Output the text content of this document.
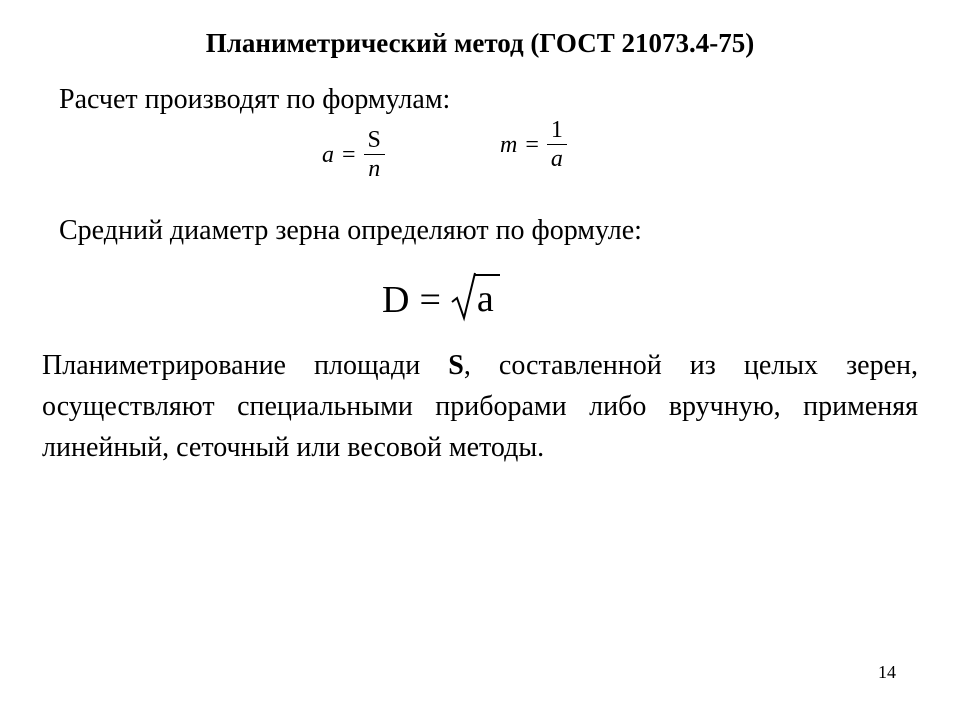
Планиметрический метод (ГОСТ 21073.4-75)
Расчет производят по формулам:
$a = \frac{S}{n}$	$m = \frac{1}{a}$
Средний диаметр зерна определяют по формуле:
D = a
Планиметрирование площади S, составленной из целых зерен, осуществляют специальными приборами либо вручную, применяя линейный, сеточный или весовой методы.
14
